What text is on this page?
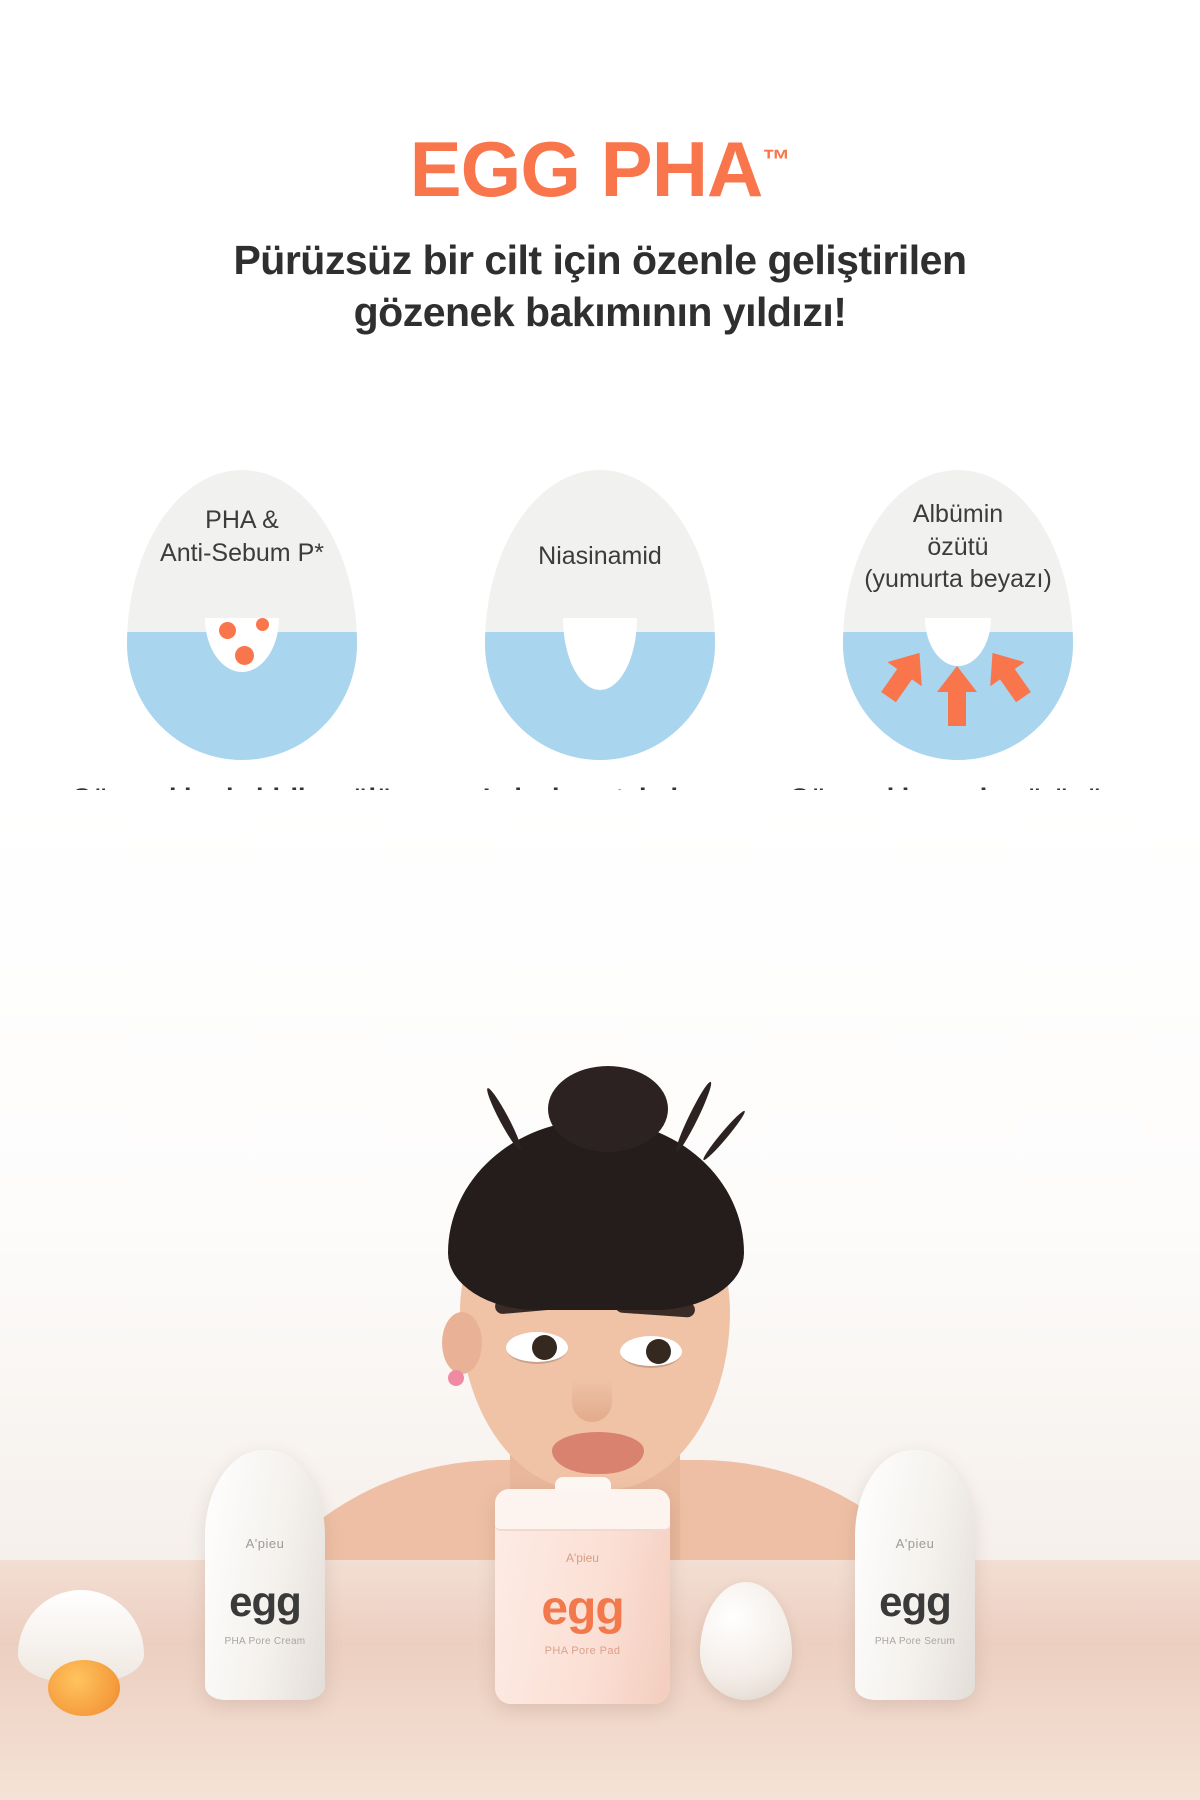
EGG PHA™
Pürüzsüz bir cilt için özenle geliştirilen
gözenek bakımının yıldızı!
PHA &
Anti-Sebum P*	Niasinamid
Albümin
özütü
(yumurta beyazı)
A'pieu
egg
PHA Pore Cream
A'pieu
egg
PHA Pore Pad
A'pieu
egg
PHA Pore Serum
